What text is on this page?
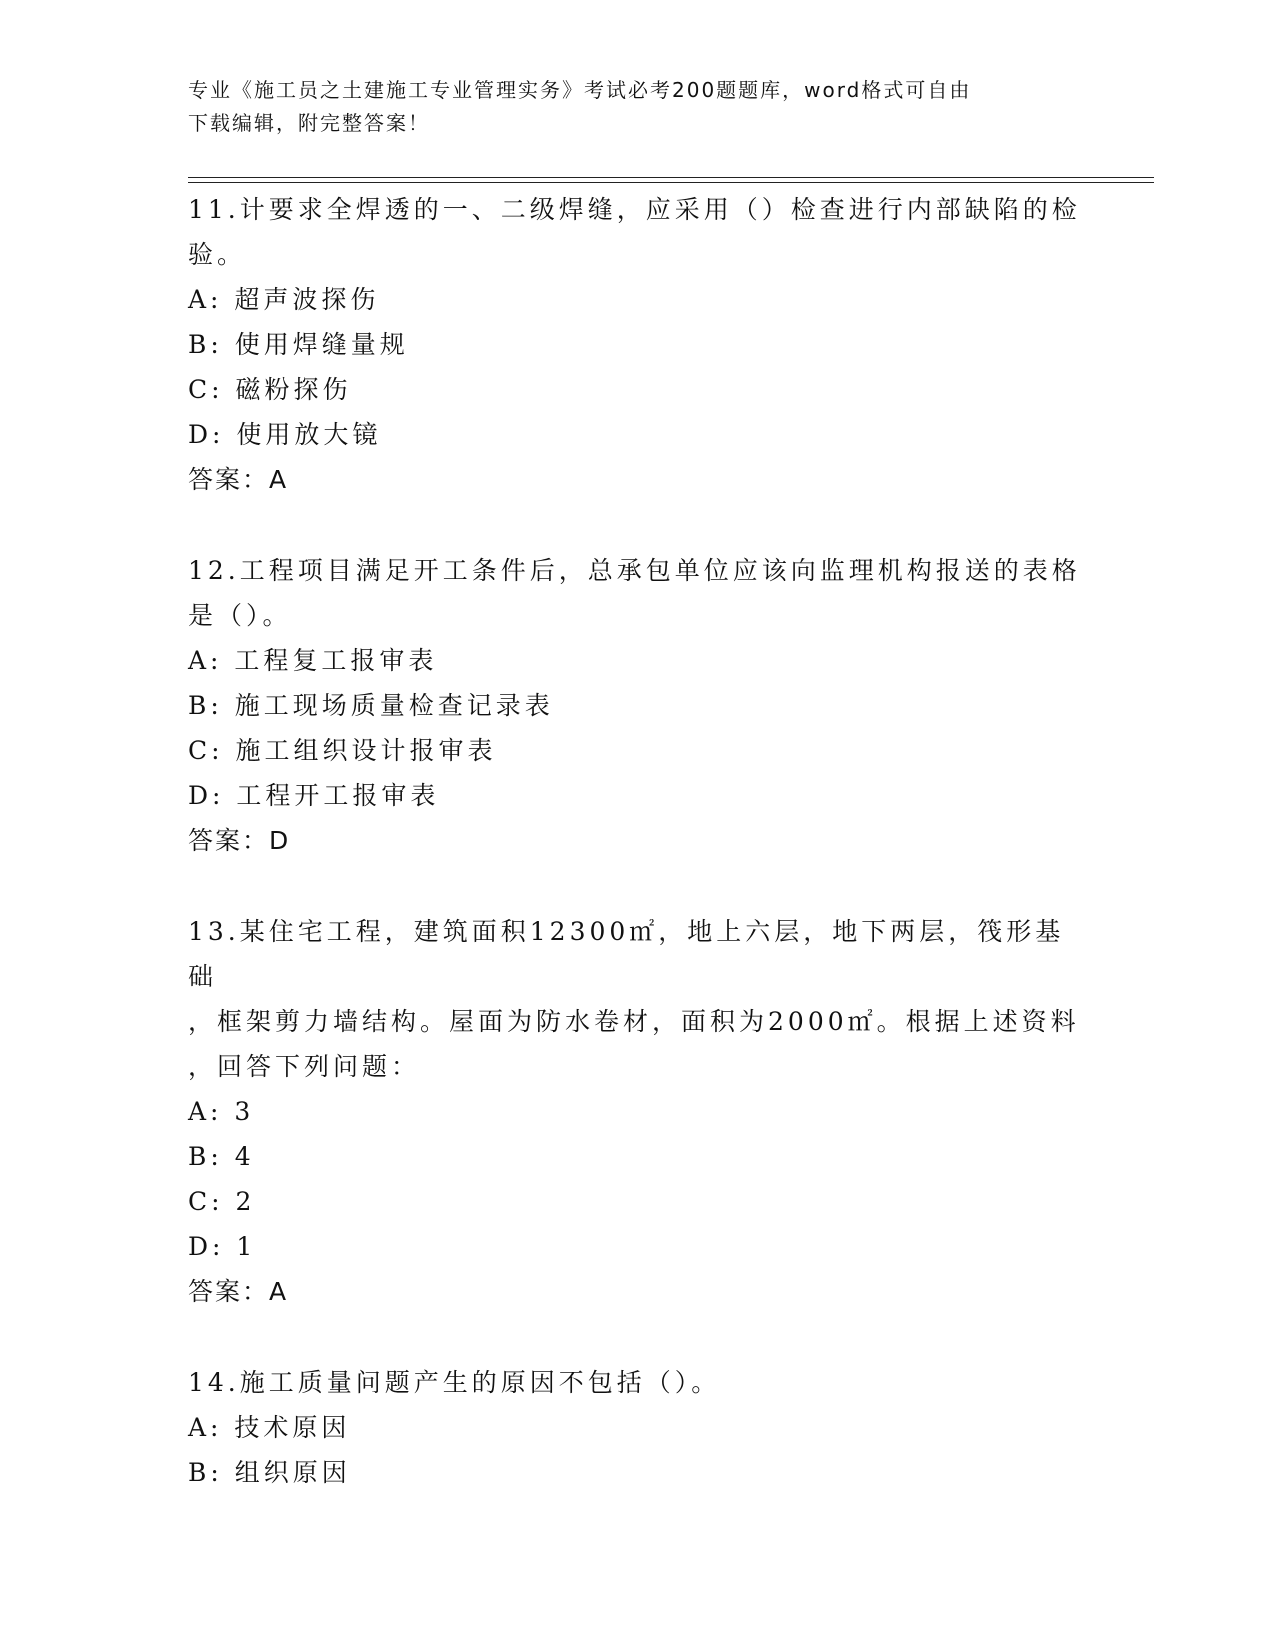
专业《施工员之土建施工专业管理实务》考试必考200题题库，word格式可自由
下载编辑，附完整答案！
11.计要求全焊透的一、二级焊缝，应采用（）检查进行内部缺陷的检
验。
A: 超声波探伤
B: 使用焊缝量规
C: 磁粉探伤
D: 使用放大镜
答案：A
12.工程项目满足开工条件后，总承包单位应该向监理机构报送的表格
是（）。
A: 工程复工报审表
B: 施工现场质量检查记录表
C: 施工组织设计报审表
D: 工程开工报审表
答案：D
13.某住宅工程，建筑面积12300㎡，地上六层，地下两层，筏形基础
，框架剪力墙结构。屋面为防水卷材，面积为2000㎡。根据上述资料
，回答下列问题：
A: 3
B: 4
C: 2
D: 1
答案：A
14.施工质量问题产生的原因不包括（）。
A: 技术原因
B: 组织原因
